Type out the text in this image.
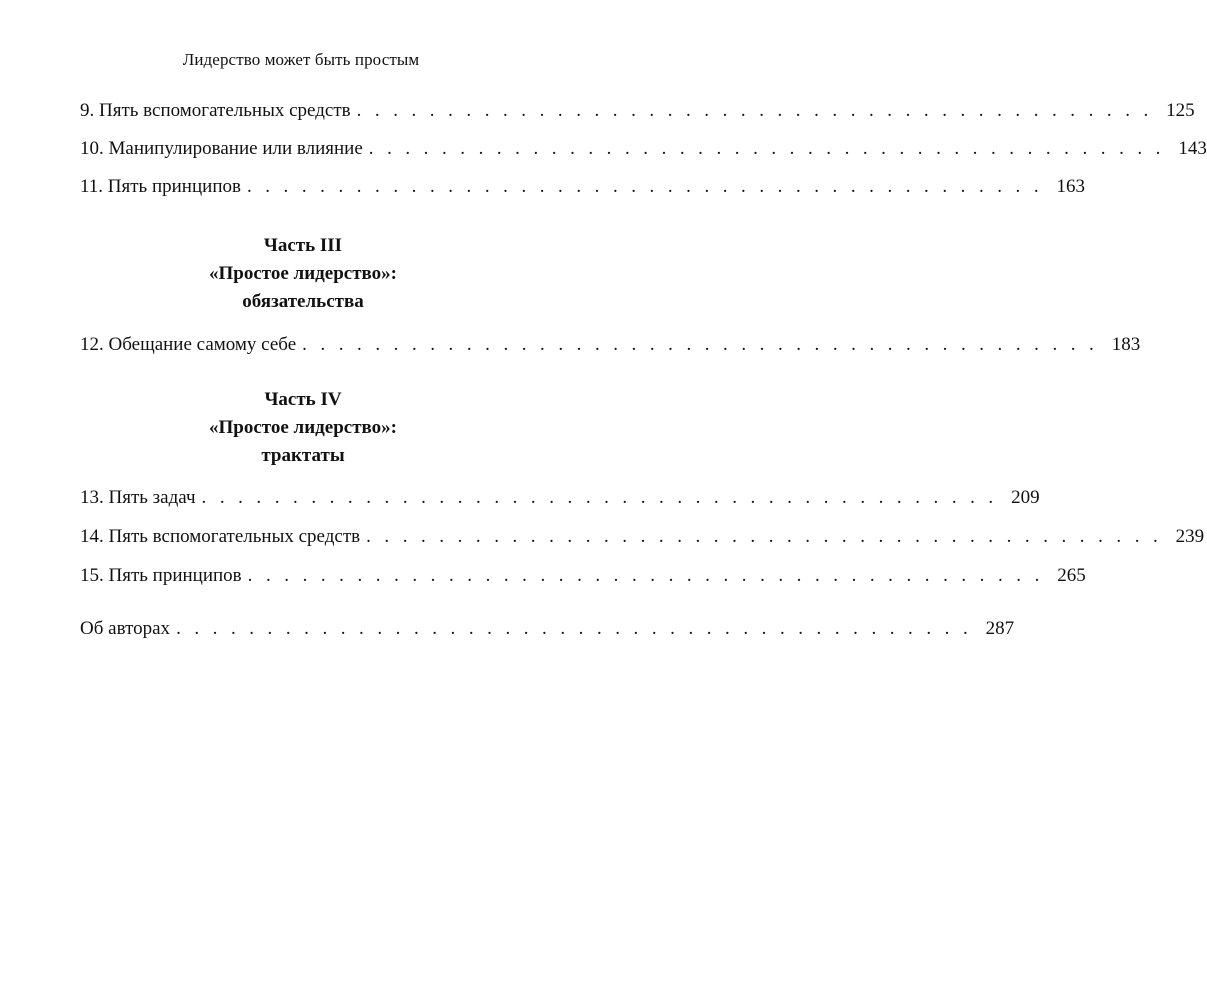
Лидерство может быть простым
9. Пять вспомогательных средств . . . . . . . . . . . . . . . . . . . . . . . . . . . . . . . . . . . . . . . . . . . . 125
10. Манипулирование или влияние . . . . . . . . . . . . . . . . . . . . . . . . . . . . . . . . . . . . . . . . . . . . 143
11. Пять принципов . . . . . . . . . . . . . . . . . . . . . . . . . . . . . . . . . . . . . . . . . . . . 163
Часть III
«Простое лидерство»:
обязательства
12. Обещание самому себе . . . . . . . . . . . . . . . . . . . . . . . . . . . . . . . . . . . . . . . . . . . . 183
Часть IV
«Простое лидерство»:
трактаты
13. Пять задач . . . . . . . . . . . . . . . . . . . . . . . . . . . . . . . . . . . . . . . . . . . . 209
14. Пять вспомогательных средств . . . . . . . . . . . . . . . . . . . . . . . . . . . . . . . . . . . . . . . . . . . . 239
15. Пять принципов . . . . . . . . . . . . . . . . . . . . . . . . . . . . . . . . . . . . . . . . . . . . 265
Об авторах . . . . . . . . . . . . . . . . . . . . . . . . . . . . . . . . . . . . . . . . . . . . 287
